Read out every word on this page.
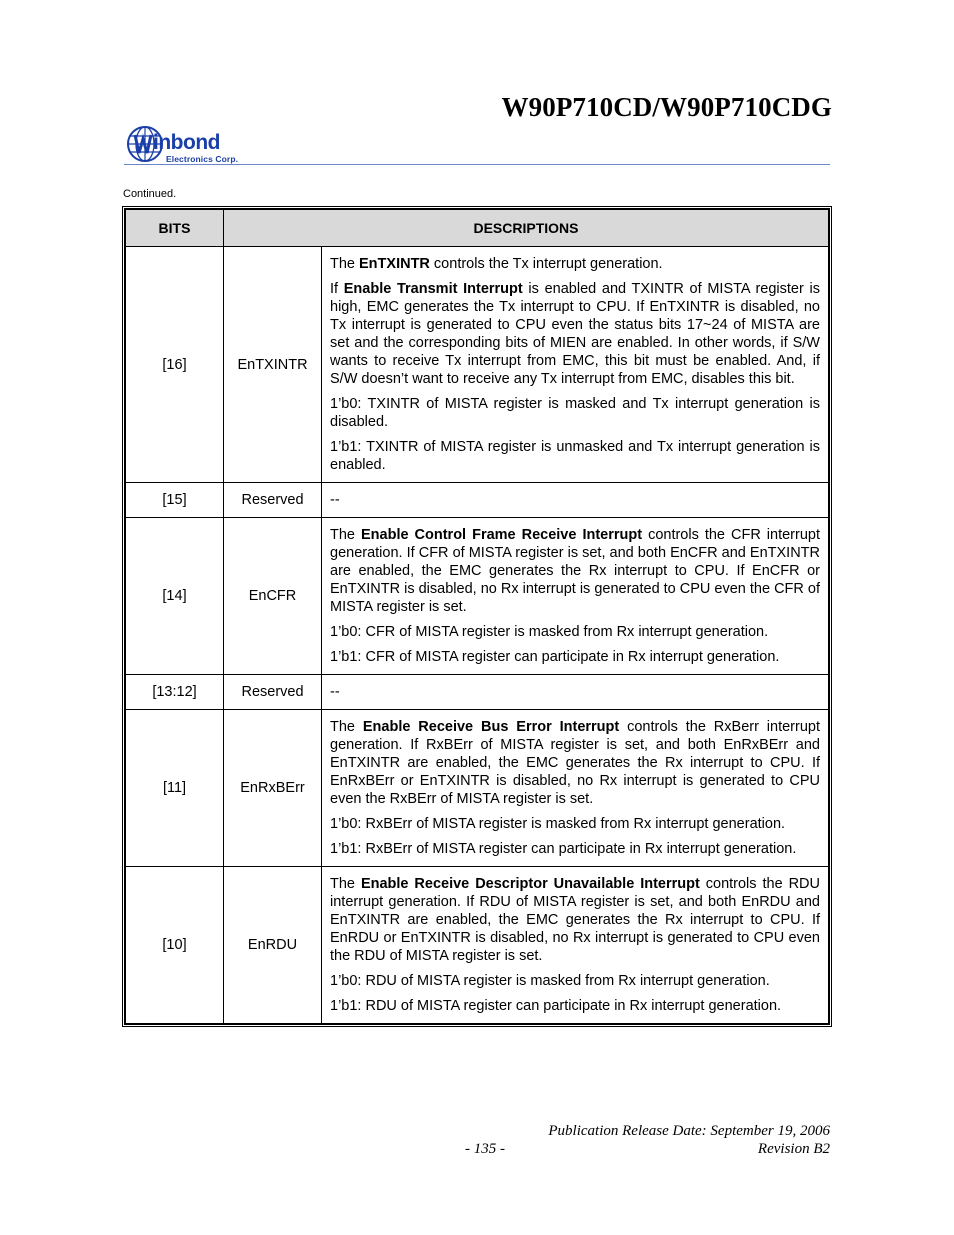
W90P710CD/W90P710CDG
inbond
Electronics Corp.
Continued.
BITS	DESCRIPTIONS	
[16]	EnTXINTR	The EnTXINTR controls the Tx interrupt generation.

If Enable Transmit Interrupt is enabled and TXINTR of MISTA register is high, EMC generates the Tx interrupt to CPU. If EnTXINTR is disabled, no Tx interrupt is generated to CPU even the status bits 17~24 of MISTA are set and the corresponding bits of MIEN are enabled. In other words, if S/W wants to receive Tx interrupt from EMC, this bit must be enabled. And, if S/W doesn’t want to receive any Tx interrupt from EMC, disables this bit.

1’b0: TXINTR of MISTA register is masked and Tx interrupt generation is disabled.

1’b1: TXINTR of MISTA register is unmasked and Tx interrupt generation is enabled.

[15]	Reserved	--
[14]	EnCFR	The Enable Control Frame Receive Interrupt controls the CFR interrupt generation. If CFR of MISTA register is set, and both EnCFR and EnTXINTR are enabled, the EMC generates the Rx interrupt to CPU. If EnCFR or EnTXINTR is disabled, no Rx interrupt is generated to CPU even the CFR of MISTA register is set.

1’b0: CFR of MISTA register is masked from Rx interrupt generation.

1’b1: CFR of MISTA register can participate in Rx interrupt generation.

[13:12]	Reserved	--
[11]	EnRxBErr	The Enable Receive Bus Error Interrupt controls the RxBerr interrupt generation. If RxBErr of MISTA register is set, and both EnRxBErr and EnTXINTR are enabled, the EMC generates the Rx interrupt to CPU. If EnRxBErr or EnTXINTR is disabled, no Rx interrupt is generated to CPU even the RxBErr of MISTA register is set.

1’b0: RxBErr of MISTA register is masked from Rx interrupt generation.

1’b1: RxBErr of MISTA register can participate in Rx interrupt generation.

[10]	EnRDU	The Enable Receive Descriptor Unavailable Interrupt controls the RDU interrupt generation. If RDU of MISTA register is set, and both EnRDU and EnTXINTR are enabled, the EMC generates the Rx interrupt to CPU. If EnRDU or EnTXINTR is disabled, no Rx interrupt is generated to CPU even the RDU of MISTA register is set.

1’b0: RDU of MISTA register is masked from Rx interrupt generation.

1’b1: RDU of MISTA register can participate in Rx interrupt generation.

Publication Release Date: September 19, 2006
- 135 -	Revision B2
